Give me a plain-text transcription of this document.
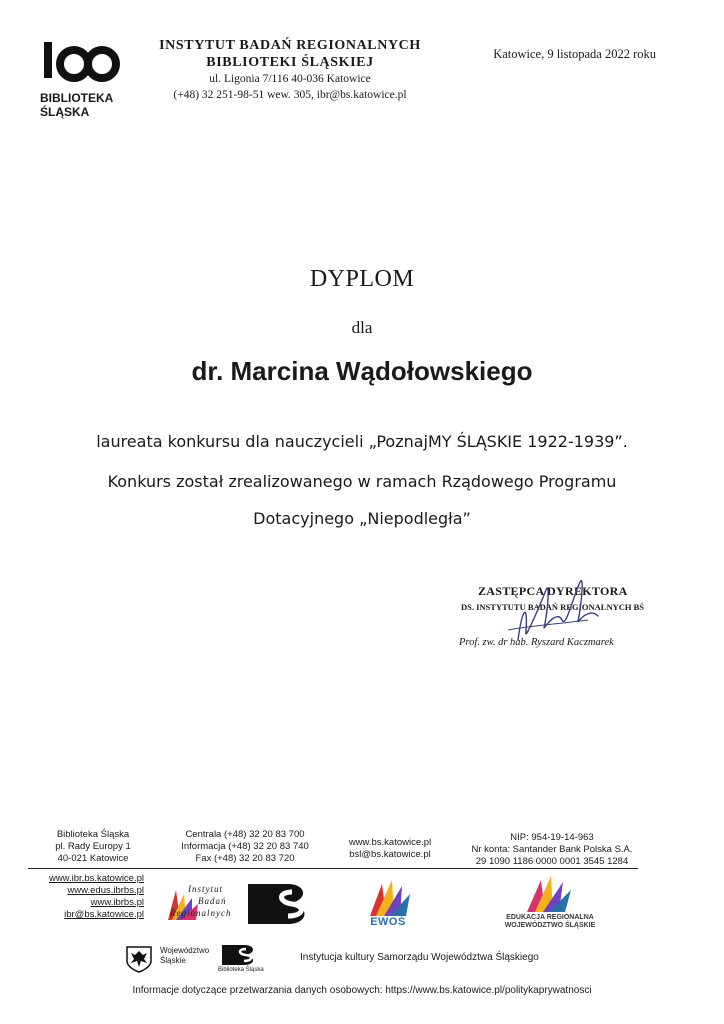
BIBLIOTEKA
ŚLĄSKA
INSTYTUT BADAŃ REGIONALNYCH
BIBLIOTEKI ŚLĄSKIEJ
ul. Ligonia 7/116 40-036 Katowice
(+48) 32 251-98-51 wew. 305, ibr@bs.katowice.pl
Katowice, 9 listopada 2022 roku
DYPLOM
dla
dr. Marcina Wądołowskiego
laureata konkursu dla nauczycieli „PoznajMY ŚLĄSKIE 1922-1939”.
Konkurs został zrealizowanego w ramach Rządowego Programu
Dotacyjnego „Niepodległa”
ZASTĘPCA DYREKTORA
DS. INSTYTUTU BADAŃ REGIONALNYCH BŚ
Prof. zw. dr hab. Ryszard Kaczmarek
Biblioteka Śląska
pl. Rady Europy 1
40-021 Katowice
Centrala (+48) 32 20 83 700
Informacja (+48) 32 20 83 740
Fax (+48) 32 20 83 720
www.bs.katowice.pl
bsl@bs.katowice.pl
NIP: 954-19-14-963
Nr konta: Santander Bank Polska S.A.
29 1090 1186 0000 0001 3545 1284
www.ibr.bs.katowice.pl
www.edus.ibrbs.pl
www.ibrbs.pl
ibr@bs.katowice.pl
Instytut
Badań
Regionalnych
EWOŚ	EDUKACJA REGIONALNA
WOJEWÓDZTWO ŚLĄSKIE
Województwo
Śląskie
Biblioteka Śląska
Instytucja kultury Samorządu Województwa Śląskiego
Informacje dotyczące przetwarzania danych osobowych: https://www.bs.katowice.pl/politykaprywatnosci
